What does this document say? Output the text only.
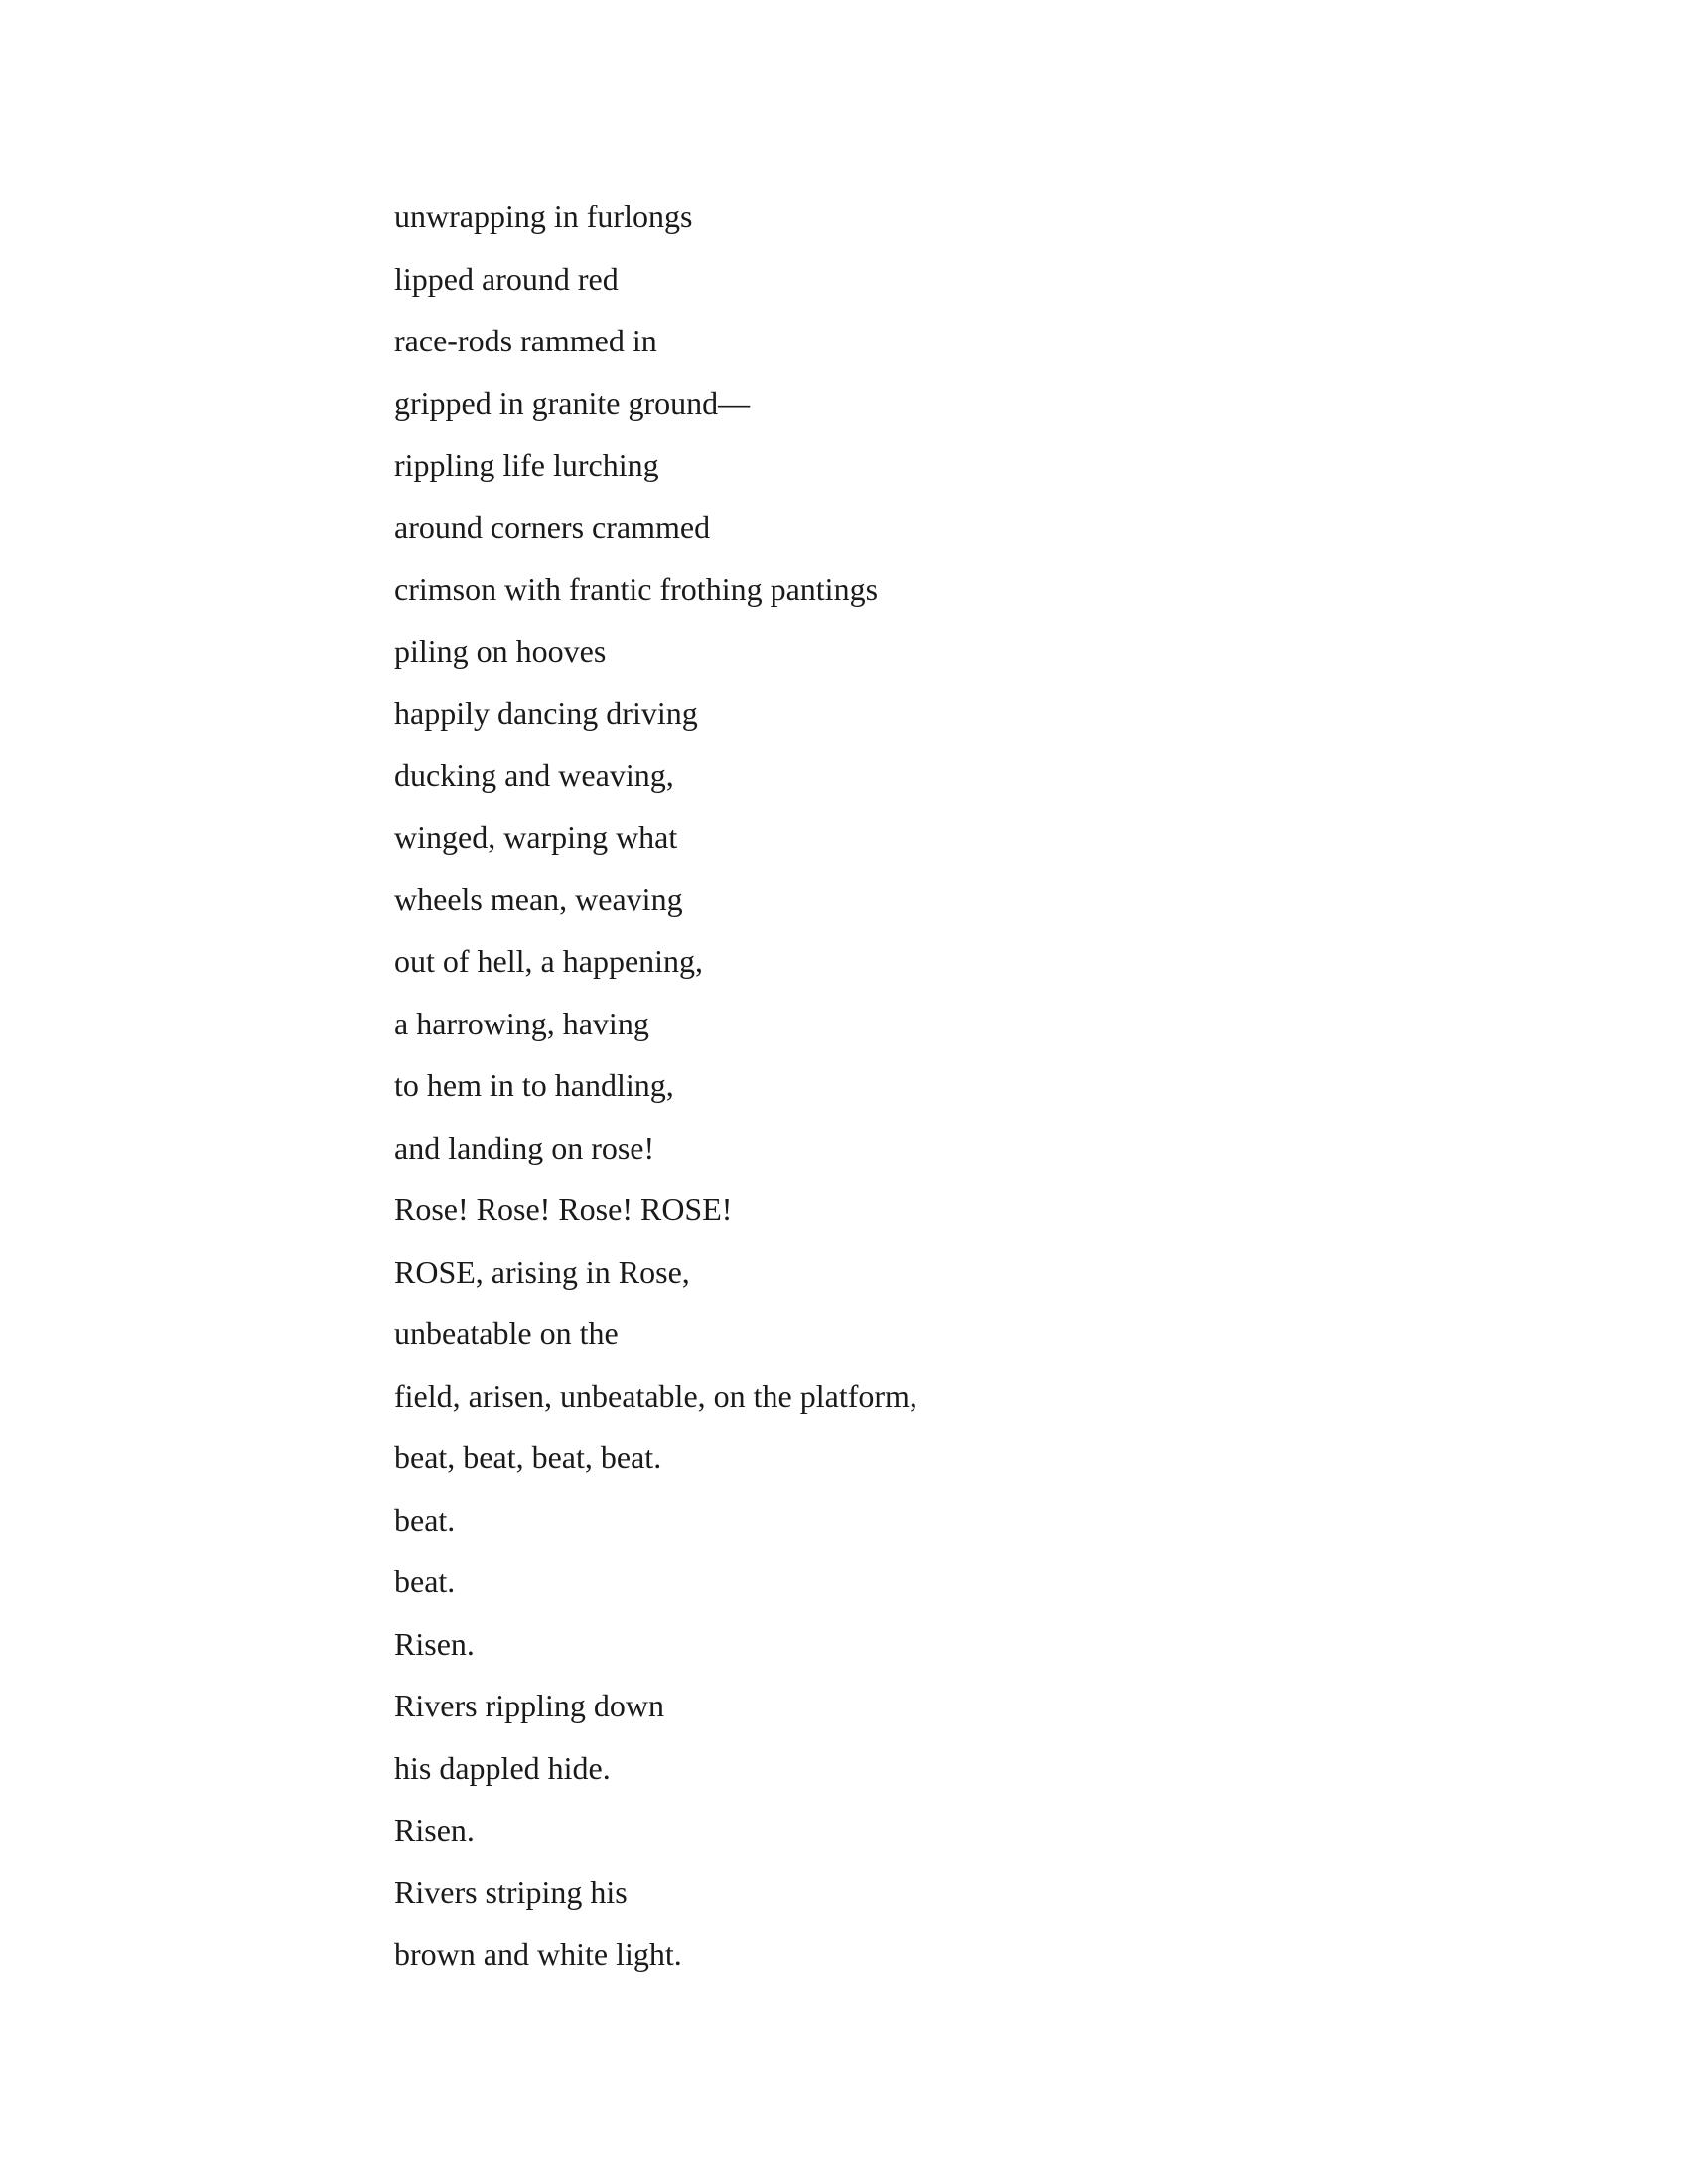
unwrapping in furlongs
lipped around red
race-rods rammed in
gripped in granite ground—
rippling life lurching
around corners crammed
crimson with frantic frothing pantings
piling on hooves
happily dancing driving
ducking and weaving,
winged, warping what
wheels mean, weaving
out of hell, a happening,
a harrowing, having
to hem in to handling,
and landing on rose!
Rose! Rose! Rose! ROSE!
ROSE, arising in Rose,
unbeatable on the
field, arisen, unbeatable, on the platform,
beat, beat, beat, beat.
beat.
beat.
Risen.
Rivers rippling down
his dappled hide.
Risen.
Rivers striping his
brown and white light.
